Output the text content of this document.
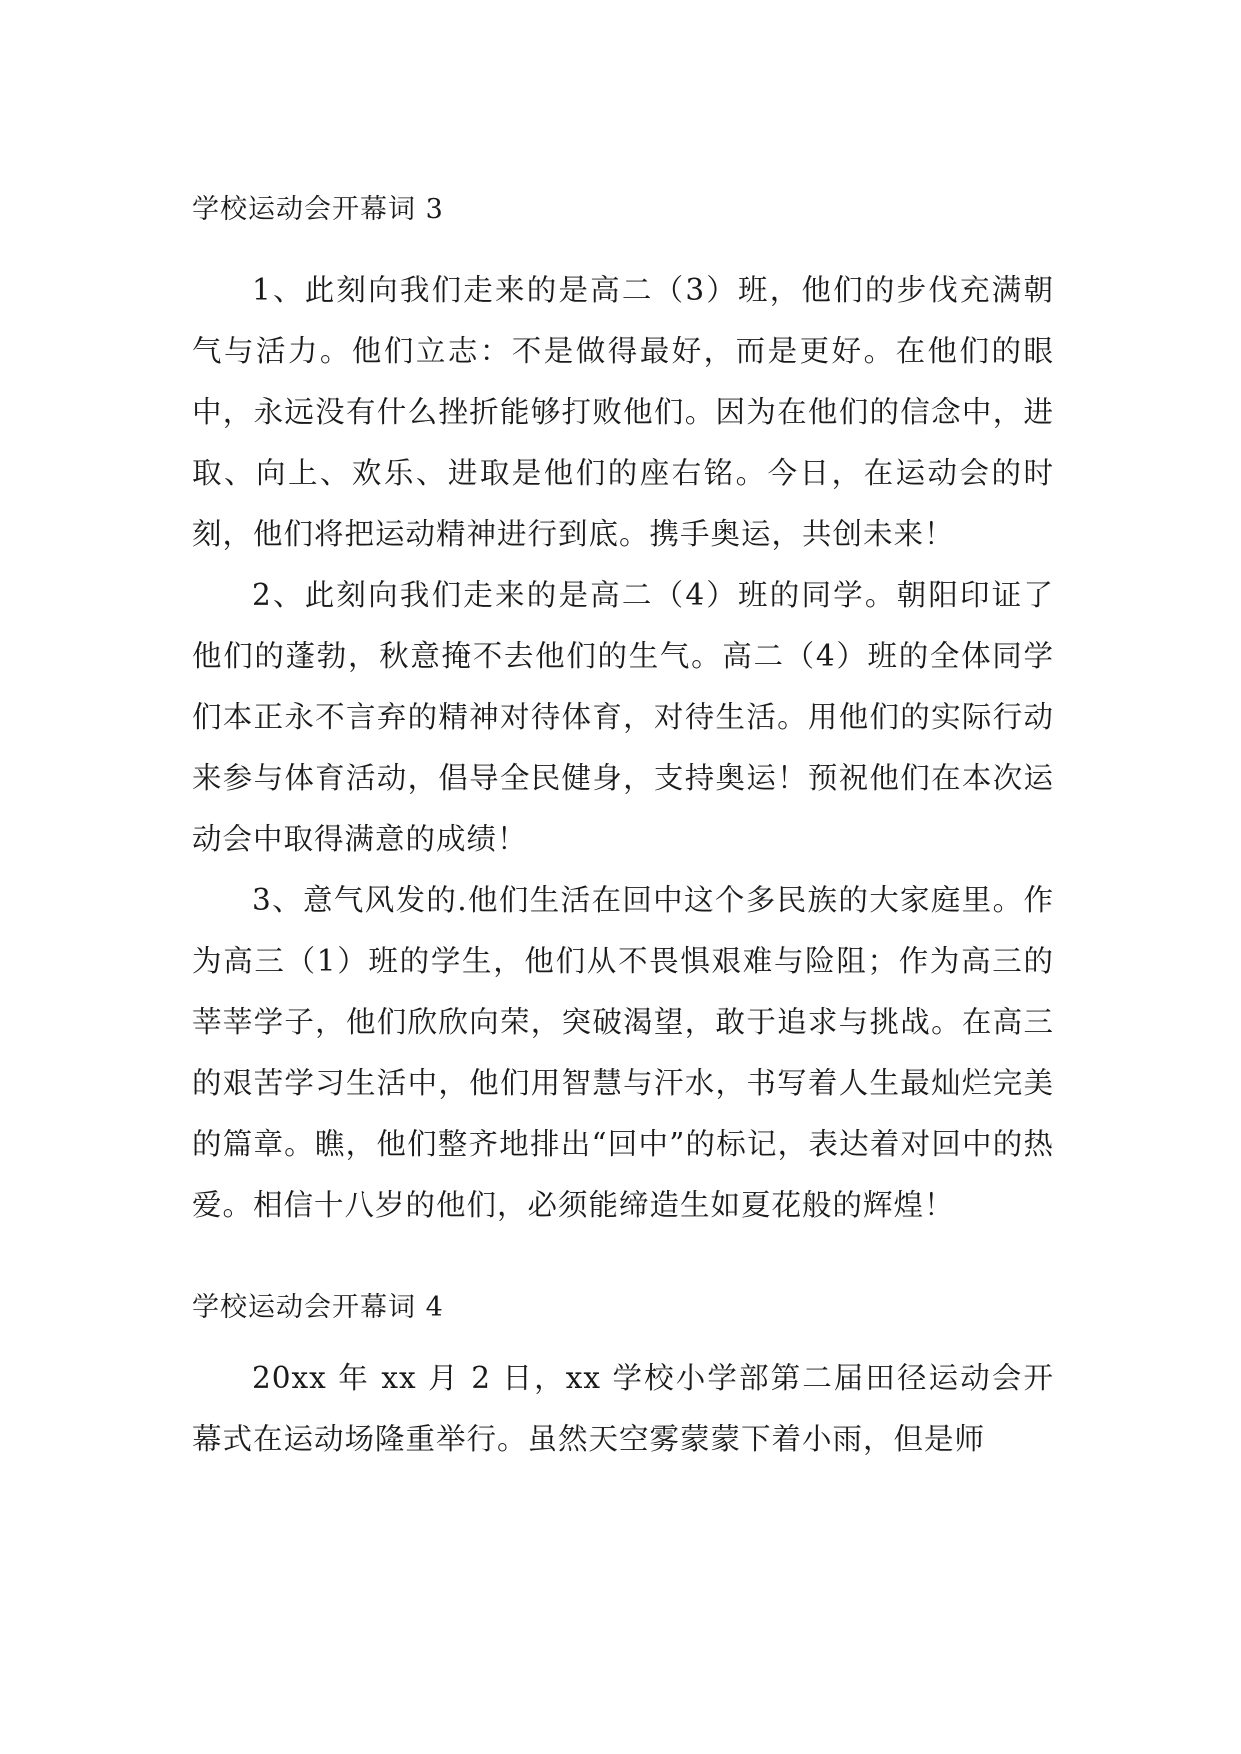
学校运动会开幕词 3

1、此刻向我们走来的是高二（3）班，他们的步伐充满朝气与活力。他们立志：不是做得最好，而是更好。在他们的眼中，永远没有什么挫折能够打败他们。因为在他们的信念中，进取、向上、欢乐、进取是他们的座右铭。今日，在运动会的时刻，他们将把运动精神进行到底。携手奥运，共创未来！

2、此刻向我们走来的是高二（4）班的同学。朝阳印证了他们的蓬勃，秋意掩不去他们的生气。高二（4）班的全体同学们本正永不言弃的精神对待体育，对待生活。用他们的实际行动来参与体育活动，倡导全民健身，支持奥运！预祝他们在本次运动会中取得满意的成绩！

3、意气风发的.他们生活在回中这个多民族的大家庭里。作为高三（1）班的学生，他们从不畏惧艰难与险阻；作为高三的莘莘学子，他们欣欣向荣，突破渴望，敢于追求与挑战。在高三的艰苦学习生活中，他们用智慧与汗水，书写着人生最灿烂完美的篇章。瞧，他们整齐地排出“回中”的标记，表达着对回中的热爱。相信十八岁的他们，必须能缔造生如夏花般的辉煌！

学校运动会开幕词 4

20xx 年 xx 月 2 日，xx 学校小学部第二届田径运动会开幕式在运动场隆重举行。虽然天空雾蒙蒙下着小雨，但是师
